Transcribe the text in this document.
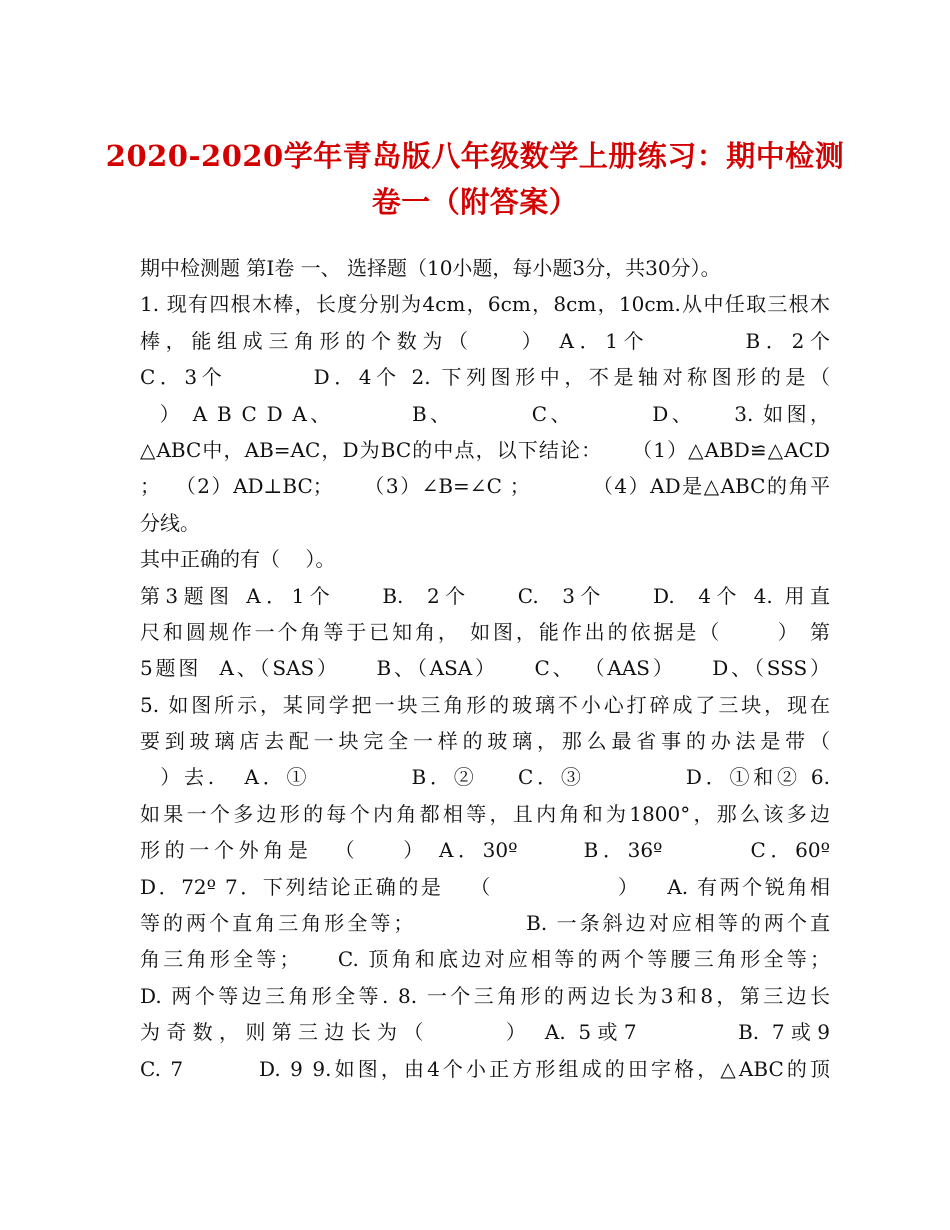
2020-2020学年青岛版八年级数学上册练习：期中检测
卷一（附答案）
期中检测题 第Ⅰ卷 一、 选择题（10小题，每小题3分，共30分）。
1. 现有四根木棒，长度分别为4cm，6cm，8cm，10cm.从中任取三根木
棒，能组成三角形的个数为（    ） A．1个        B．2个
C．3个        D．4个 2. 下列图形中，不是轴对称图形的是（
） A B C D A、        B、        C、        D、    3. 如图，
△ABC中，AB=AC，D为BC的中点，以下结论：    （1）△ABD≌△ACD
；  （2）AD⊥BC；    （3）∠B=∠C ；        （4）AD是△ABC的角平
分线。
其中正确的有（    ）。
第3题图 A．1个    B.  2个    C.  3个    D.  4个 4. 用直
尺和圆规作一个角等于已知角， 如图，能作出的依据是（      ） 第
5题图  A、（SAS）    B、（ASA）    C、 （AAS）    D、（SSS）
5. 如图所示，某同学把一块三角形的玻璃不小心打碎成了三块，现在
要到玻璃店去配一块完全一样的玻璃，那么最省事的办法是带（
）去.   A．①          B．②    C．③          D．①和② 6.
如果一个多边形的每个内角都相等，且内角和为1800°，那么该多边
形的一个外角是  （    ） A．30º      B．36º        C．60º
D．72º 7．下列结论正确的是   （              ）   A. 有两个锐角相
等的两个直角三角形全等；            B. 一条斜边对应相等的两个直
角三角形全等；    C. 顶角和底边对应相等的两个等腰三角形全等；
D. 两个等边三角形全等. 8. 一个三角形的两边长为3和8，第三边长
为奇数，则第三边长为（      ） A. 5或7        B. 7或9
C. 7        D. 9 9.如图，由4个小正方形组成的田字格，△ABC的顶
